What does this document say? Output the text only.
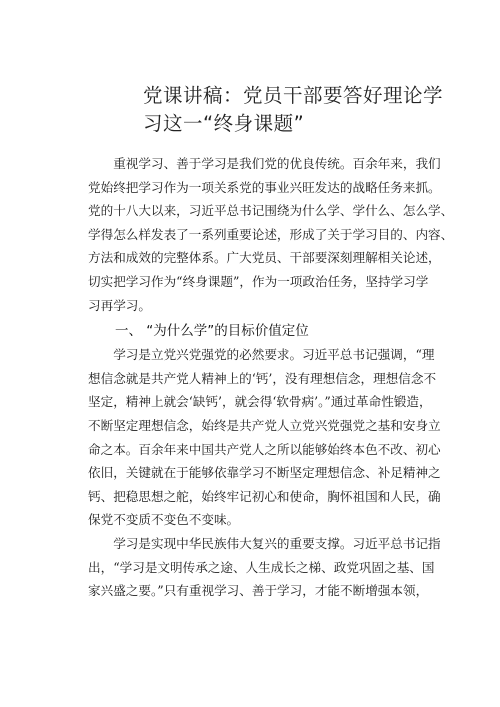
党课讲稿：党员干部要答好理论学
习这一“终身课题”
　　重视学习、善于学习是我们党的优良传统。百余年来，我们
党始终把学习作为一项关系党的事业兴旺发达的战略任务来抓。
党的十八大以来，习近平总书记围绕为什么学、学什么、怎么学、
学得怎么样发表了一系列重要论述，形成了关于学习目的、内容、
方法和成效的完整体系。广大党员、干部要深刻理解相关论述，
切实把学习作为“终身课题”，作为一项政治任务，坚持学习学
习再学习。
　　一、 “为什么学”的目标价值定位
　　学习是立党兴党强党的必然要求。习近平总书记强调，“理
想信念就是共产党人精神上的‘钙’，没有理想信念，理想信念不
坚定，精神上就会‘缺钙’，就会得‘软骨病’。”通过革命性锻造，
不断坚定理想信念，始终是共产党人立党兴党强党之基和安身立
命之本。百余年来中国共产党人之所以能够始终本色不改、初心
依旧，关键就在于能够依靠学习不断坚定理想信念、补足精神之
钙、把稳思想之舵，始终牢记初心和使命，胸怀祖国和人民，确
保党不变质不变色不变味。
　　学习是实现中华民族伟大复兴的重要支撑。习近平总书记指
出，“学习是文明传承之途、人生成长之梯、政党巩固之基、国
家兴盛之要。”只有重视学习、善于学习，才能不断增强本领，
